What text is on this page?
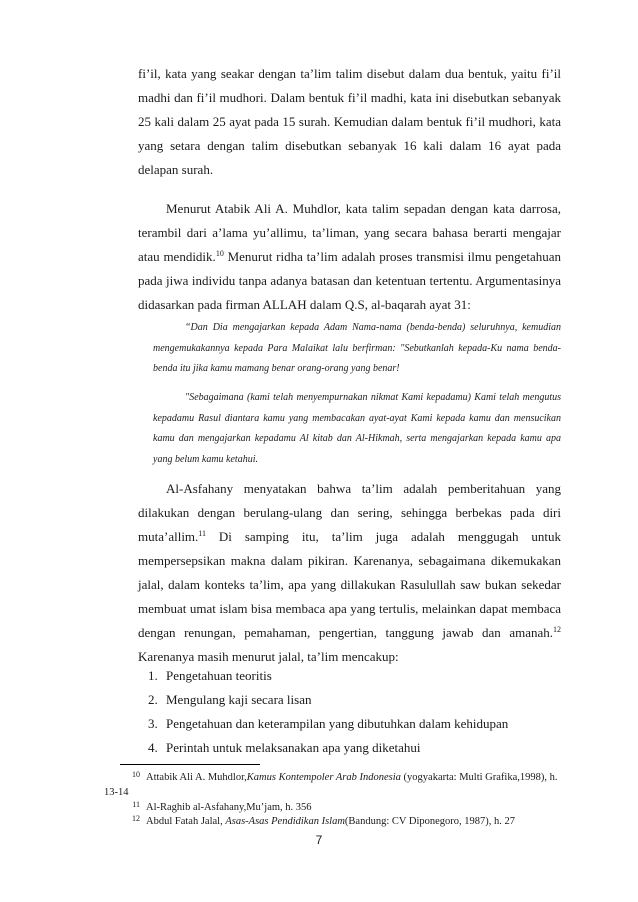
fi’il, kata yang seakar dengan ta’lim talim disebut dalam dua bentuk, yaitu fi’il madhi dan fi’il mudhori. Dalam bentuk fi’il madhi, kata ini disebutkan sebanyak 25 kali dalam 25 ayat pada 15 surah. Kemudian dalam bentuk fi’il mudhori, kata yang setara dengan talim disebutkan sebanyak 16 kali dalam 16 ayat pada delapan surah.

Menurut Atabik Ali A. Muhdlor, kata talim sepadan dengan kata darrosa, terambil dari a’lama yu’allimu, ta’liman, yang secara bahasa berarti mengajar atau mendidik.$^{10}$ Menurut ridha ta’lim adalah proses transmisi ilmu pengetahuan pada jiwa individu tanpa adanya batasan dan ketentuan tertentu. Argumentasinya didasarkan pada firman ALLAH dalam Q.S, al-baqarah ayat 31:

“Dan Dia mengajarkan kepada Adam Nama-nama (benda-benda) seluruhnya, kemudian mengemukakannya kepada Para Malaikat lalu berfirman: "Sebutkanlah kepada-Ku nama benda-benda itu jika kamu mamang benar orang-orang yang benar!

"Sebagaimana (kami telah menyempurnakan nikmat Kami kepadamu) Kami telah mengutus kepadamu Rasul diantara kamu yang membacakan ayat-ayat Kami kepada kamu dan mensucikan kamu dan mengajarkan kepadamu Al kitab dan Al-Hikmah, serta mengajarkan kepada kamu apa yang belum kamu ketahui.

Al-Asfahany menyatakan bahwa ta’lim adalah pemberitahuan yang dilakukan dengan berulang-ulang dan sering, sehingga berbekas pada diri muta’allim.$^{11}$ Di samping itu, ta’lim juga adalah menggugah untuk mempersepsikan makna dalam pikiran. Karenanya, sebagaimana dikemukakan jalal, dalam konteks ta’lim, apa yang dillakukan Rasulullah saw bukan sekedar membuat umat islam bisa membaca apa yang tertulis, melainkan dapat membaca dengan renungan, pemahaman, pengertian, tanggung jawab dan amanah.$^{12}$ Karenanya masih menurut jalal, ta’lim mencakup:

1. Pengetahuan teoritis
2. Mengulang kaji secara lisan
3. Pengetahuan dan keterampilan yang dibutuhkan dalam kehidupan
4. Perintah untuk melaksanakan apa yang diketahui

$^{10}$ Attabik Ali A. Muhdlor,Kamus Kontempoler Arab Indonesia (yogyakarta: Multi Grafika,1998), h. 13-14

$^{11}$ Al-Raghib al-Asfahany,Mu’jam, h. 356

$^{12}$ Abdul Fatah Jalal, Asas-Asas Pendidikan Islam(Bandung: CV Diponegoro, 1987), h. 27

7
